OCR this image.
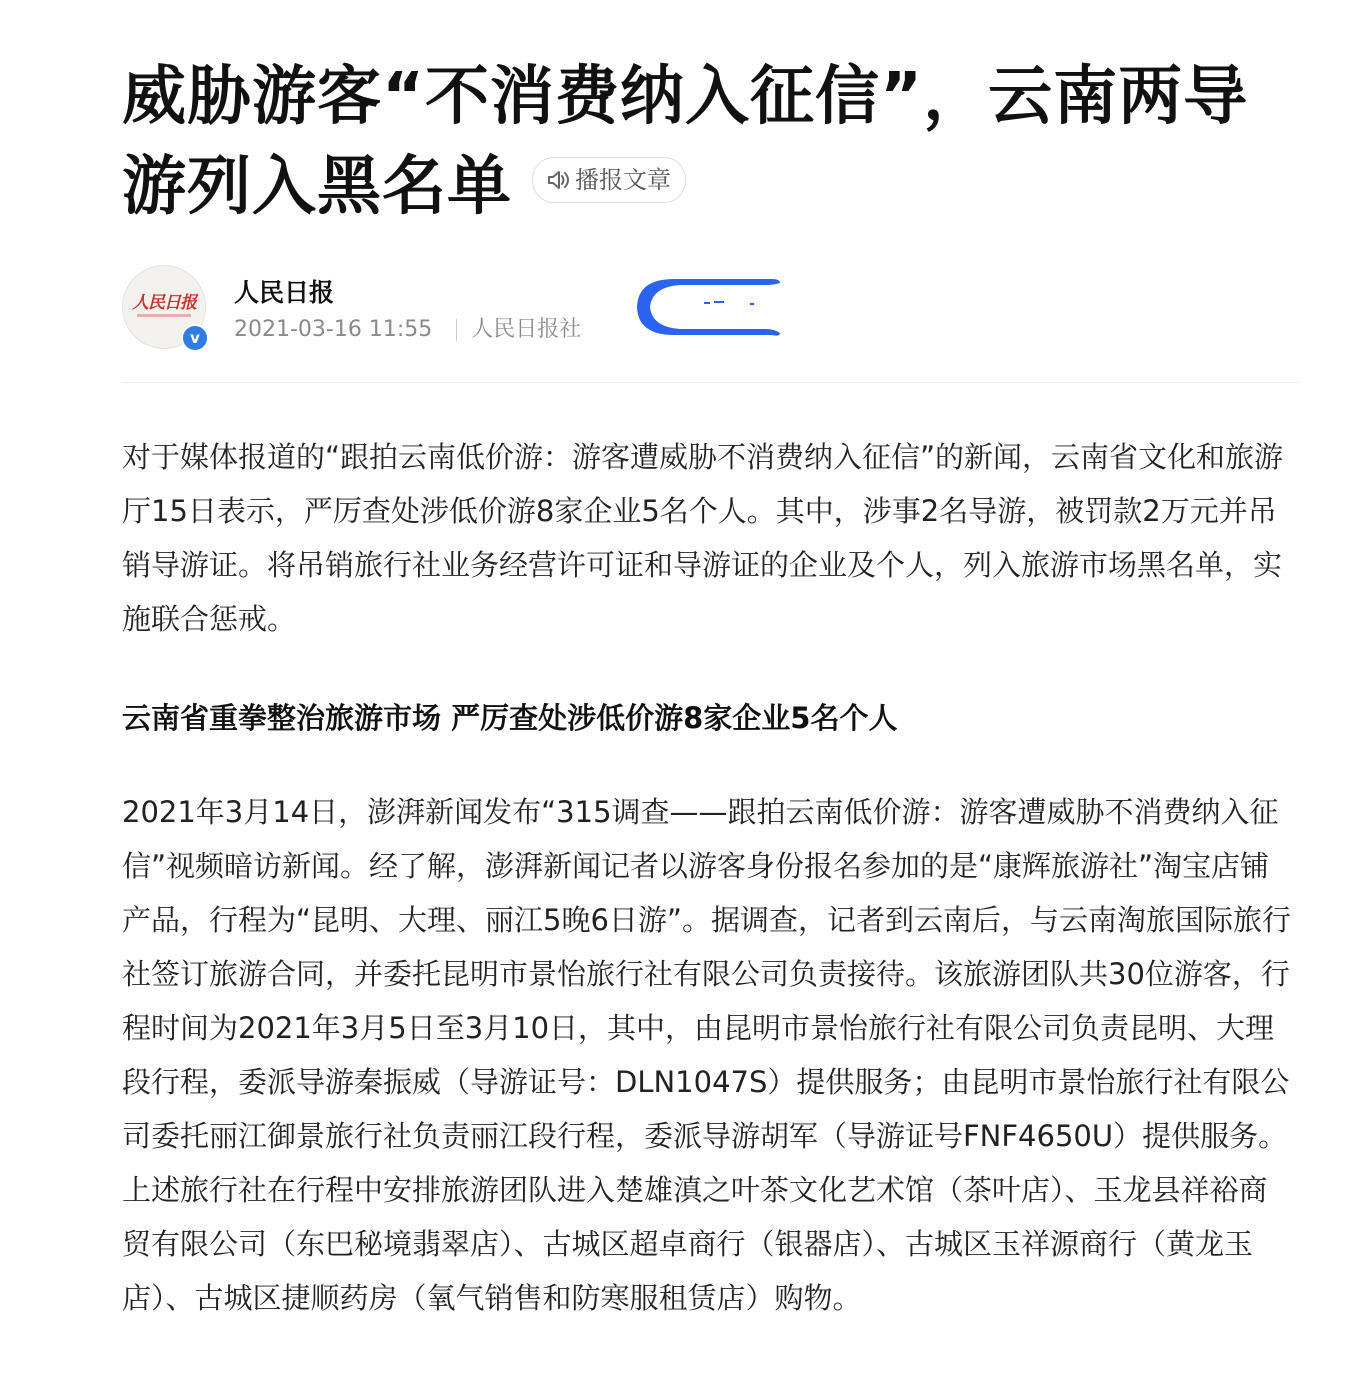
威胁游客“不消费纳入征信”，云南两导
游列入黑名单	播报文章
人民日报
v
人民日报
2021-03-16 11:55 人民日报社

对于媒体报道的“跟拍云南低价游：游客遭威胁不消费纳入征信”的新闻，云南省文化和旅游厅15日表示，严厉查处涉低价游8家企业5名个人。其中，涉事2名导游，被罚款2万元并吊销导游证。将吊销旅行社业务经营许可证和导游证的企业及个人，列入旅游市场黑名单，实施联合惩戒。

云南省重拳整治旅游市场 严厉查处涉低价游8家企业5名个人

2021年3月14日，澎湃新闻发布“315调查——跟拍云南低价游：游客遭威胁不消费纳入征信”视频暗访新闻。经了解，澎湃新闻记者以游客身份报名参加的是“康辉旅游社”淘宝店铺产品，行程为“昆明、大理、丽江5晚6日游”。据调查，记者到云南后，与云南淘旅国际旅行社签订旅游合同，并委托昆明市景怡旅行社有限公司负责接待。该旅游团队共30位游客，行程时间为2021年3月5日至3月10日，其中，由昆明市景怡旅行社有限公司负责昆明、大理段行程，委派导游秦振威（导游证号：DLN1047S）提供服务；由昆明市景怡旅行社有限公司委托丽江御景旅行社负责丽江段行程，委派导游胡军（导游证号FNF4650U）提供服务。上述旅行社在行程中安排旅游团队进入楚雄滇之叶茶文化艺术馆（茶叶店）、玉龙县祥裕商贸有限公司（东巴秘境翡翠店）、古城区超卓商行（银器店）、古城区玉祥源商行（黄龙玉店）、古城区捷顺药房（氧气销售和防寒服租赁店）购物。
